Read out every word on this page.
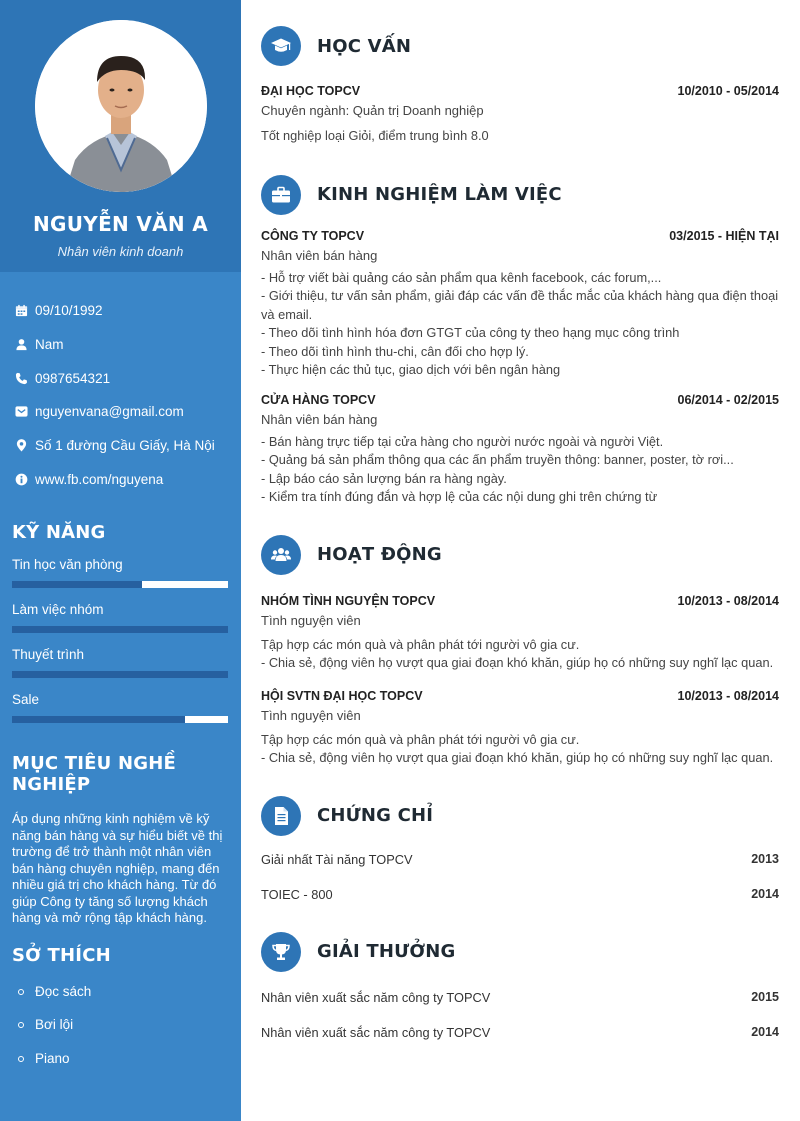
NGUYỄN VĂN A
Nhân viên kinh doanh
09/10/1992
Nam
0987654321
nguyenvana@gmail.com
Số 1 đường Cầu Giấy, Hà Nội
www.fb.com/nguyena
KỸ NĂNG
Tin học văn phòng
Làm việc nhóm
Thuyết trình
Sale
MỤC TIÊU NGHỀ NGHIỆP
Áp dụng những kinh nghiệm về kỹ năng bán hàng và sự hiểu biết về thị trường để trở thành một nhân viên bán hàng chuyên nghiệp, mang đến nhiều giá trị cho khách hàng. Từ đó giúp Công ty tăng số lượng khách hàng và mở rộng tập khách hàng.
SỞ THÍCH
Đọc sách
Bơi lội
Piano
HỌC VẤN
ĐẠI HỌC TOPCV	10/2010 - 05/2014
Chuyên ngành: Quản trị Doanh nghiệp
Tốt nghiệp loại Giỏi, điểm trung bình 8.0
KINH NGHIỆM LÀM VIỆC
CÔNG TY TOPCV	03/2015 - HIỆN TẠI
Nhân viên bán hàng
- Hỗ trợ viết bài quảng cáo sản phẩm qua kênh facebook, các forum,...
- Giới thiệu, tư vấn sản phẩm, giải đáp các vấn đề thắc mắc của khách hàng qua điện thoại và email.
- Theo dõi tình hình hóa đơn GTGT của công ty theo hạng mục công trình
- Theo dõi tình hình thu-chi, cân đối cho hợp lý.
- Thực hiện các thủ tục, giao dịch với bên ngân hàng
CỬA HÀNG TOPCV	06/2014 - 02/2015
Nhân viên bán hàng
- Bán hàng trực tiếp tại cửa hàng cho người nước ngoài và người Việt.
- Quảng bá sản phẩm thông qua các ấn phẩm truyền thông: banner, poster, tờ rơi...
- Lập báo cáo sản lượng bán ra hàng ngày.
- Kiểm tra tính đúng đắn và hợp lệ của các nội dung ghi trên chứng từ
HOẠT ĐỘNG
NHÓM TÌNH NGUYỆN TOPCV	10/2013 - 08/2014
Tình nguyện viên
Tập hợp các món quà và phân phát tới người vô gia cư.
- Chia sẻ, động viên họ vượt qua giai đoạn khó khăn, giúp họ có những suy nghĩ lạc quan.
HỘI SVTN ĐẠI HỌC TOPCV	10/2013 - 08/2014
Tình nguyện viên
Tập hợp các món quà và phân phát tới người vô gia cư.
- Chia sẻ, động viên họ vượt qua giai đoạn khó khăn, giúp họ có những suy nghĩ lạc quan.
CHỨNG CHỈ
Giải nhất Tài năng TOPCV	2013
TOIEC - 800	2014
GIẢI THƯỞNG
Nhân viên xuất sắc năm công ty TOPCV	2015
Nhân viên xuất sắc năm công ty TOPCV	2014
